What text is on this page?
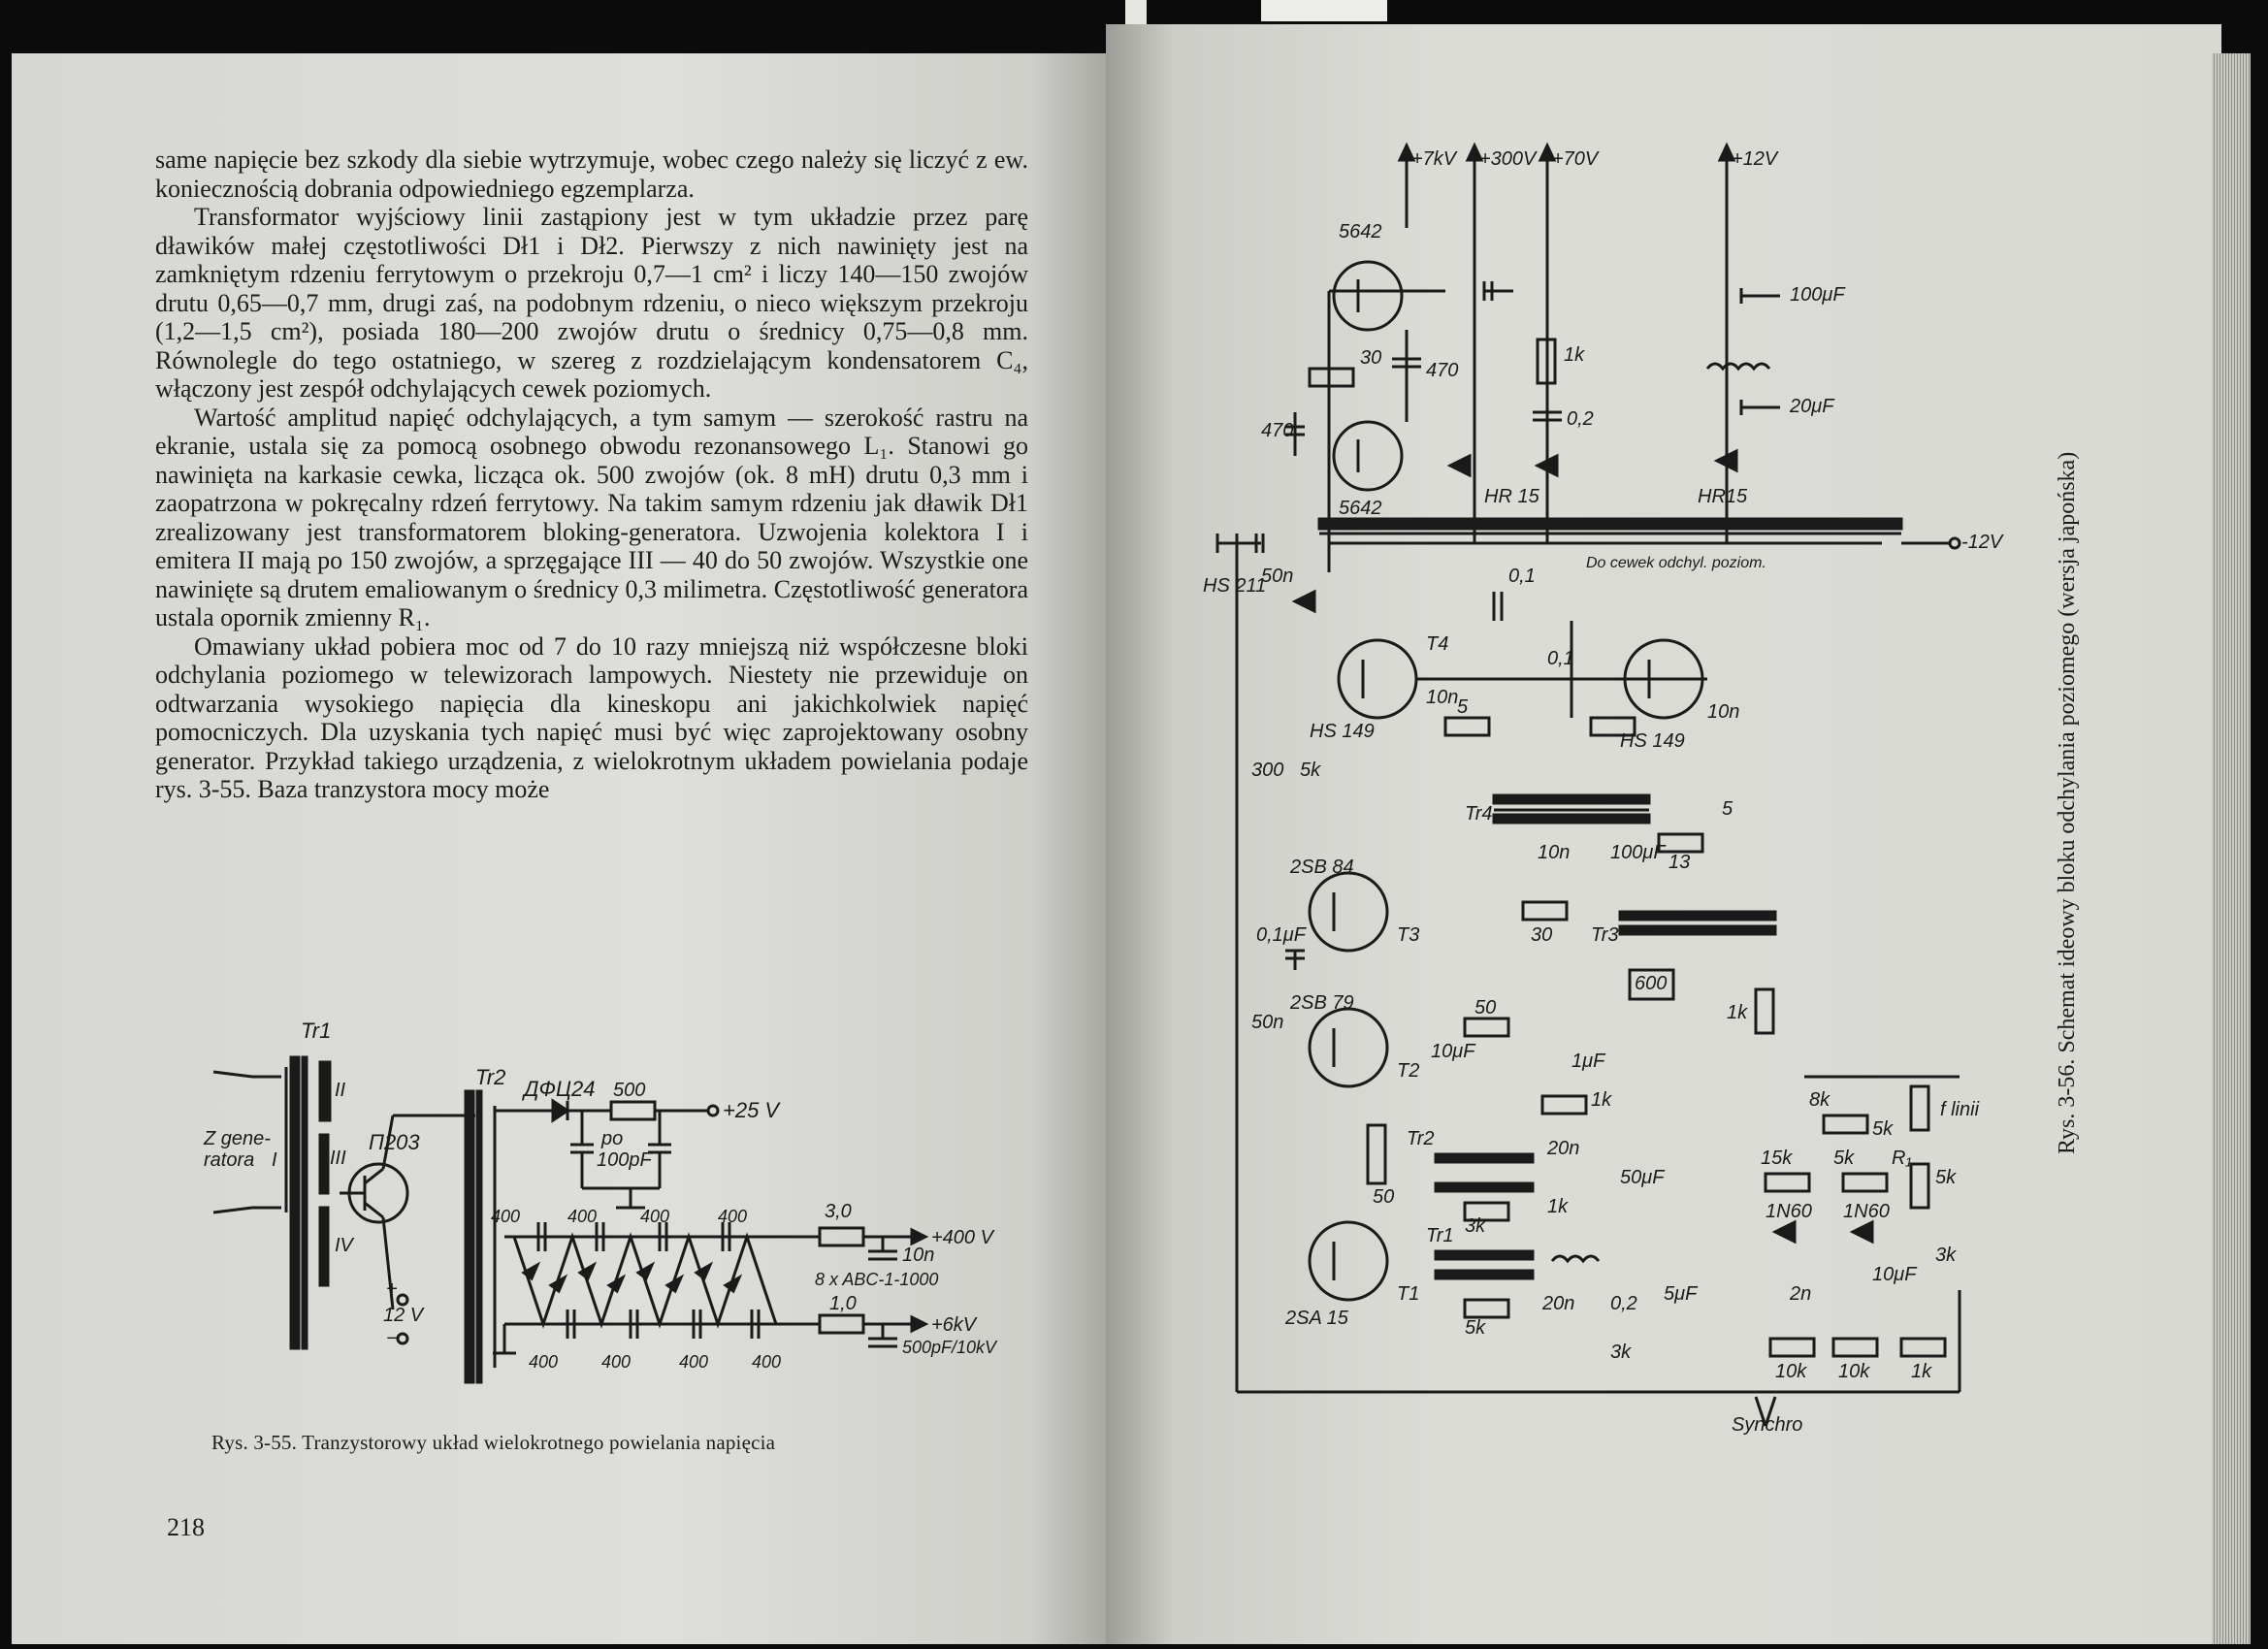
same napięcie bez szkody dla siebie wytrzymuje, wobec czego należy się liczyć z ew. koniecznością dobrania odpowiedniego egzemplarza.

Transformator wyjściowy linii zastąpiony jest w tym układzie przez parę dławików małej częstotliwości Dł1 i Dł2. Pierwszy z nich nawinięty jest na zamkniętym rdzeniu ferrytowym o przekroju 0,7—1 cm² i liczy 140—150 zwojów drutu 0,65—0,7 mm, drugi zaś, na podobnym rdzeniu, o nieco większym przekroju (1,2—1,5 cm²), posiada 180—200 zwojów drutu o średnicy 0,75—0,8 mm. Równolegle do tego ostatniego, w szereg z rozdzielającym kondensatorem C₄, włączony jest zespół odchylających cewek poziomych.

Wartość amplitud napięć odchylających, a tym samym — szerokość rastru na ekranie, ustala się za pomocą osobnego obwodu rezonansowego L₁. Stanowi go nawinięta na karkasie cewka, licząca ok. 500 zwojów (ok. 8 mH) drutu 0,3 mm i zaopatrzona w pokręcalny rdzeń ferrytowy. Na takim samym rdzeniu jak dławik Dł1 zrealizowany jest transformatorem bloking-generatora. Uzwojenia kolektora I i emitera II mają po 150 zwojów, a sprzęgające III — 40 do 50 zwojów. Wszystkie one nawinięte są drutem emaliowanym o średnicy 0,3 milimetra. Częstotliwość generatora ustala opornik zmienny R₁.

Omawiany układ pobiera moc od 7 do 10 razy mniejszą niż współczesne bloki odchylania poziomego w telewizorach lampowych. Niestety nie przewiduje on odtwarzania wysokiego napięcia dla kineskopu ani jakichkolwiek napięć pomocniczych. Dla uzyskania tych napięć musi być więc zaprojektowany osobny generator. Przykład takiego urządzenia, z wielokrotnym układem powielania podaje rys. 3-55. Baza tranzystora mocy może

Tr1
Tr2 ДФЦ24 500
+25 V
po
100pF
Z gene-
ratora I
II
III
IV
П203
+
12 V
−
400	400 400	400
400 400	400 400
3,0
+400 V
10n
8 x ABC-1-1000
1,0
+6kV
500pF/10kV
Rys. 3-55. Tranzystorowy układ wielokrotnego powielania napięcia
218
+7kV +300V +70V	+12V
-12V
5642
5642
30
470
470
1k
0,2
HR 15	HR15
100μF
20μF
HS 211
50n	0,1
Do cewek odchyl. poziom.
T4
HS 149	HS 149
0,1
10n
10n
300 5k
5
5
Tr4
13
10n 100μF
T3
2SB 84
0,1μF	30 Tr3
600
T2
2SB 79
50n
50
10μF	1μF
1k
1k
Tr2
50
3k
20n
1k
50μF
8k
5k
15k 5k R₁
5k
f linii
T1
2SA 15
Tr1
5k
20n 0,2 5μF
3k
1N60 1N60
2n
10μF
3k
10k 10k 1k
Synchro
Rys. 3-56. Schemat ideowy bloku odchylania poziomego (wersja japońska)
